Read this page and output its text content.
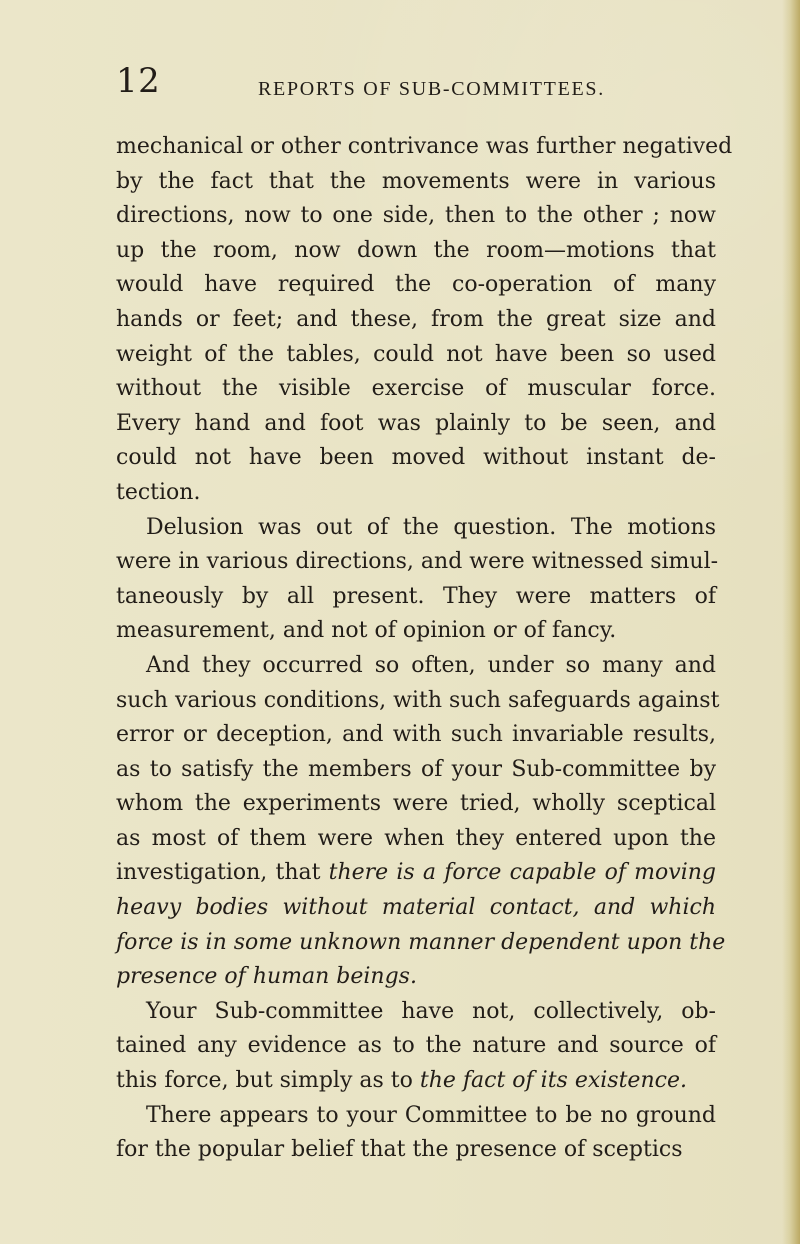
12	REPORTS OF SUB-COMMITTEES.
mechanical or other contrivance was further negatived
by the fact that the movements were in various
directions, now to one side, then to the other ; now
up the room, now down the room—motions that
would have required the co-operation of many
hands or feet; and these, from the great size and
weight of the tables, could not have been so used
without the visible exercise of muscular force.
Every hand and foot was plainly to be seen, and
could not have been moved without instant de-
tection.
Delusion was out of the question. The motions
were in various directions, and were witnessed simul-
taneously by all present. They were matters of
measurement, and not of opinion or of fancy.
And they occurred so often, under so many and
such various conditions, with such safeguards against
error or deception, and with such invariable results,
as to satisfy the members of your Sub-committee by
whom the experiments were tried, wholly sceptical
as most of them were when they entered upon the
investigation, that there is a force capable of moving
heavy bodies without material contact, and which
force is in some unknown manner dependent upon the
presence of human beings.
Your Sub-committee have not, collectively, ob-
tained any evidence as to the nature and source of
this force, but simply as to the fact of its existence.
There appears to your Committee to be no ground
for the popular belief that the presence of sceptics
